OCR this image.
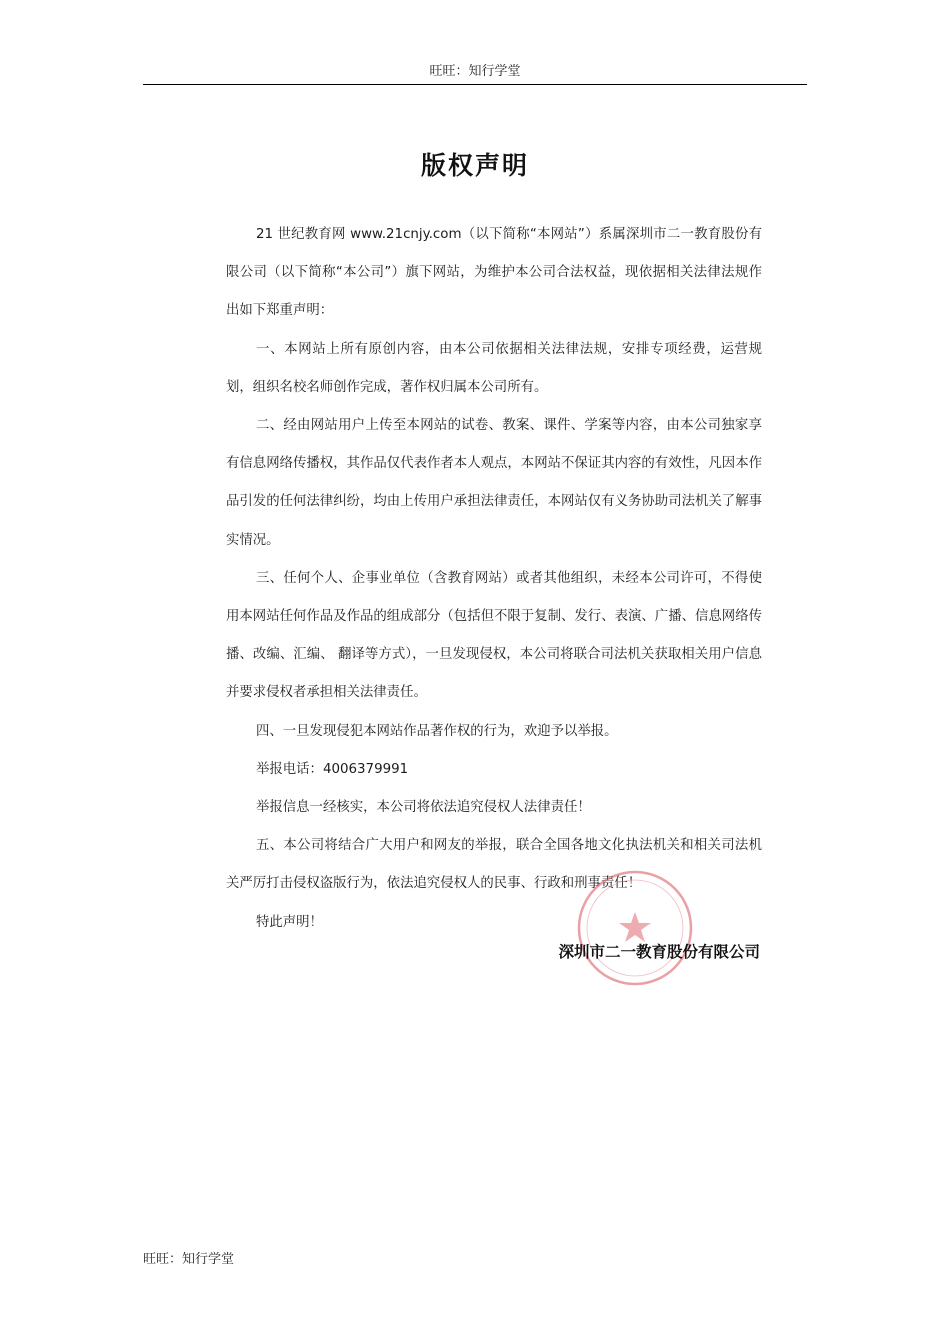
旺旺：知行学堂
版权声明

21 世纪教育网 www.21cnjy.com（以下简称“本网站”）系属深圳市二一教育股份有限公司（以下简称“本公司”）旗下网站，为维护本公司合法权益，现依据相关法律法规作出如下郑重声明：

一、本网站上所有原创内容，由本公司依据相关法律法规，安排专项经费，运营规划，组织名校名师创作完成，著作权归属本公司所有。

二、经由网站用户上传至本网站的试卷、教案、课件、学案等内容，由本公司独家享有信息网络传播权，其作品仅代表作者本人观点，本网站不保证其内容的有效性，凡因本作品引发的任何法律纠纷，均由上传用户承担法律责任，本网站仅有义务协助司法机关了解事实情况。

三、任何个人、企事业单位（含教育网站）或者其他组织，未经本公司许可，不得使用本网站任何作品及作品的组成部分（包括但不限于复制、发行、表演、广播、信息网络传播、改编、汇编、 翻译等方式），一旦发现侵权，本公司将联合司法机关获取相关用户信息并要求侵权者承担相关法律责任。

四、一旦发现侵犯本网站作品著作权的行为，欢迎予以举报。

举报电话：4006379991

举报信息一经核实，本公司将依法追究侵权人法律责任！

五、本公司将结合广大用户和网友的举报，联合全国各地文化执法机关和相关司法机关严厉打击侵权盗版行为，依法追究侵权人的民事、行政和刑事责任！

特此声明！

深圳市二一教育股份有限公司
旺旺：知行学堂
